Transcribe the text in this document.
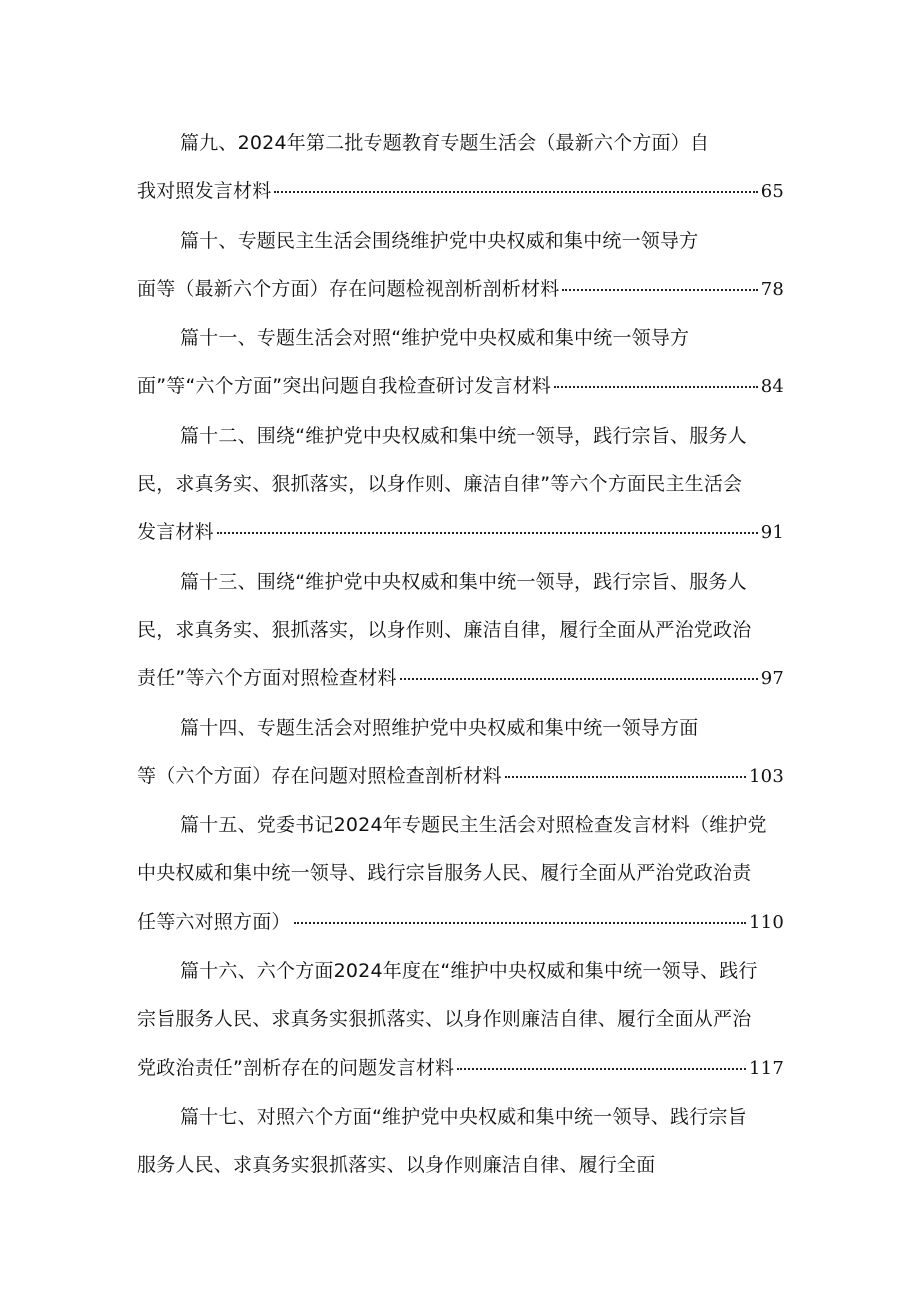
篇九、2024年第二批专题教育专题生活会（最新六个方面）自
我对照发言材料	65
篇十、专题民主生活会围绕维护党中央权威和集中统一领导方
面等（最新六个方面）存在问题检视剖析剖析材料	78
篇十一、专题生活会对照“维护党中央权威和集中统一领导方
面”等“六个方面”突出问题自我检查研讨发言材料	84
篇十二、围绕“维护党中央权威和集中统一领导，践行宗旨、服务人
民，求真务实、狠抓落实，以身作则、廉洁自律”等六个方面民主生活会
发言材料	91
篇十三、围绕“维护党中央权威和集中统一领导，践行宗旨、服务人
民，求真务实、狠抓落实，以身作则、廉洁自律，履行全面从严治党政治
责任”等六个方面对照检查材料	97
篇十四、专题生活会对照维护党中央权威和集中统一领导方面
等（六个方面）存在问题对照检查剖析材料	103
篇十五、党委书记2024年专题民主生活会对照检查发言材料（维护党
中央权威和集中统一领导、践行宗旨服务人民、履行全面从严治党政治责
任等六对照方面）	110
篇十六、六个方面2024年度在“维护中央权威和集中统一领导、践行
宗旨服务人民、求真务实狠抓落实、以身作则廉洁自律、履行全面从严治
党政治责任”剖析存在的问题发言材料	117
篇十七、对照六个方面“维护党中央权威和集中统一领导、践行宗旨
服务人民、求真务实狠抓落实、以身作则廉洁自律、履行全面
